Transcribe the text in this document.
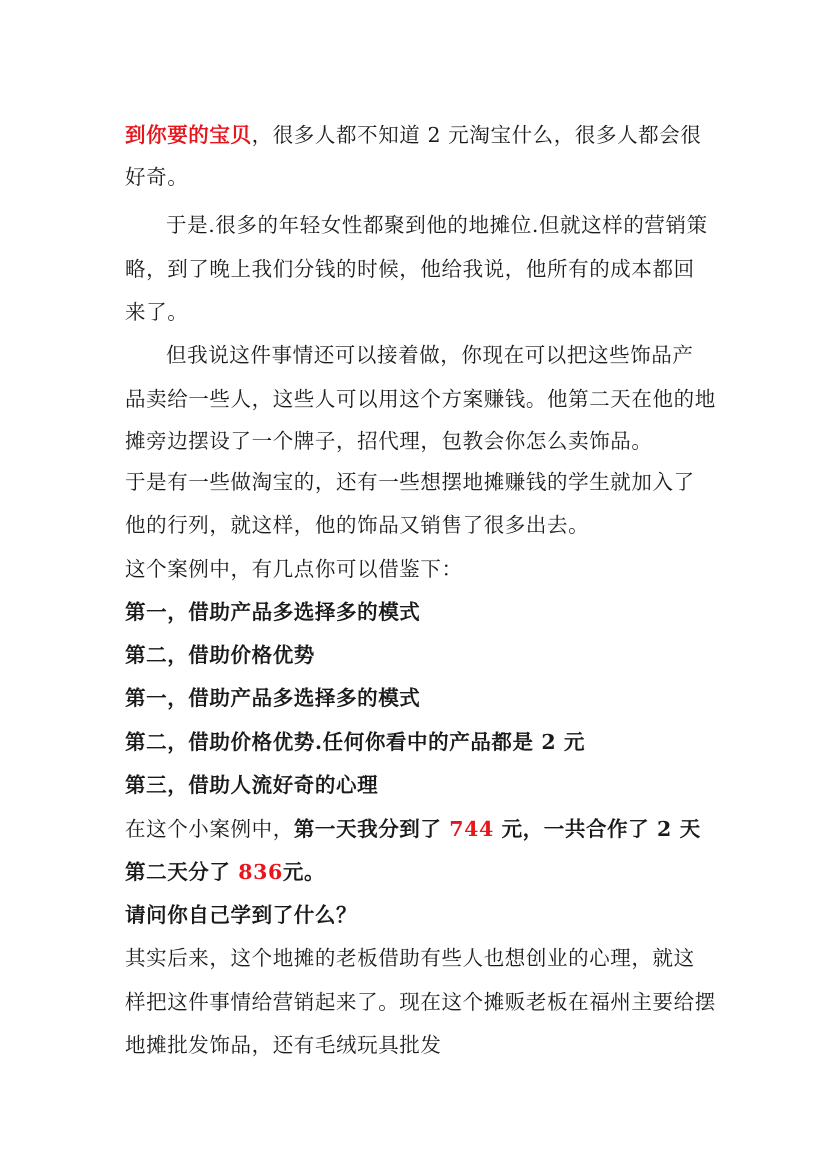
到你要的宝贝，很多人都不知道 2 元淘宝什么，很多人都会很
好奇。
于是.很多的年轻女性都聚到他的地摊位.但就这样的营销策
略，到了晚上我们分钱的时候，他给我说，他所有的成本都回
来了。
但我说这件事情还可以接着做，你现在可以把这些饰品产
品卖给一些人，这些人可以用这个方案赚钱。他第二天在他的地
摊旁边摆设了一个牌子，招代理，包教会你怎么卖饰品。
于是有一些做淘宝的，还有一些想摆地摊赚钱的学生就加入了
他的行列，就这样，他的饰品又销售了很多出去。
这个案例中，有几点你可以借鉴下：
第一，借助产品多选择多的模式
第二，借助价格优势
第一，借助产品多选择多的模式
第二，借助价格优势.任何你看中的产品都是 2 元
第三，借助人流好奇的心理
在这个小案例中，第一天我分到了 744 元，一共合作了 2 天
第二天分了 836元。
请问你自己学到了什么？
其实后来，这个地摊的老板借助有些人也想创业的心理，就这
样把这件事情给营销起来了。现在这个摊贩老板在福州主要给摆
地摊批发饰品，还有毛绒玩具批发
